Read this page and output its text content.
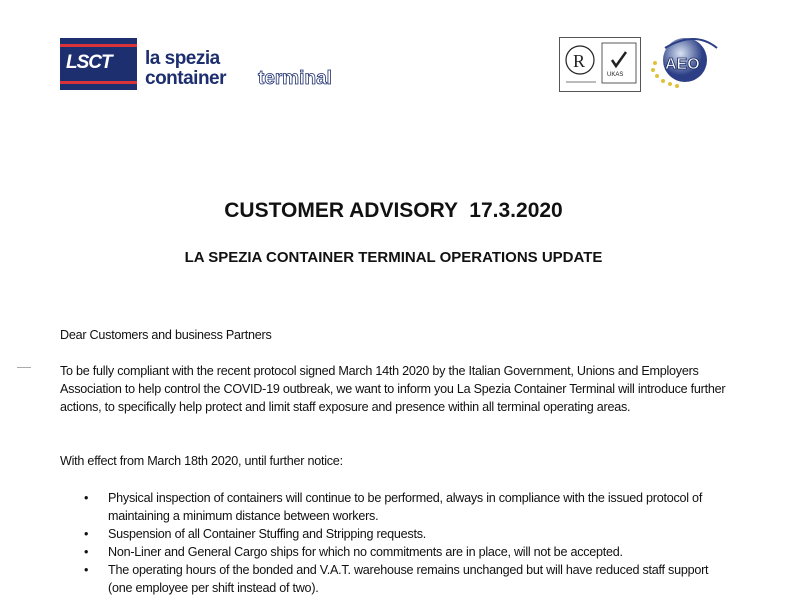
LSCT la spezia
container terminal
R
UKAS
AEO
CUSTOMER ADVISORY  17.3.2020
LA SPEZIA CONTAINER TERMINAL OPERATIONS UPDATE
Dear Customers and business Partners
To be fully compliant with the recent protocol signed March 14th 2020 by the Italian Government, Unions and Employers Association to help control the COVID-19 outbreak, we want to inform you La Spezia Container Terminal will introduce further actions, to specifically help protect and limit staff exposure and presence within all terminal operating areas.
With effect from March 18th 2020, until further notice:
• Physical inspection of containers will continue to be performed, always in compliance with the issued protocol of maintaining a minimum distance between workers.
• Suspension of all Container Stuffing and Stripping requests.
• Non-Liner and General Cargo ships for which no commitments are in place, will not be accepted.
• The operating hours of the bonded and V.A.T. warehouse remains unchanged but will have reduced staff support (one employee per shift instead of two).
